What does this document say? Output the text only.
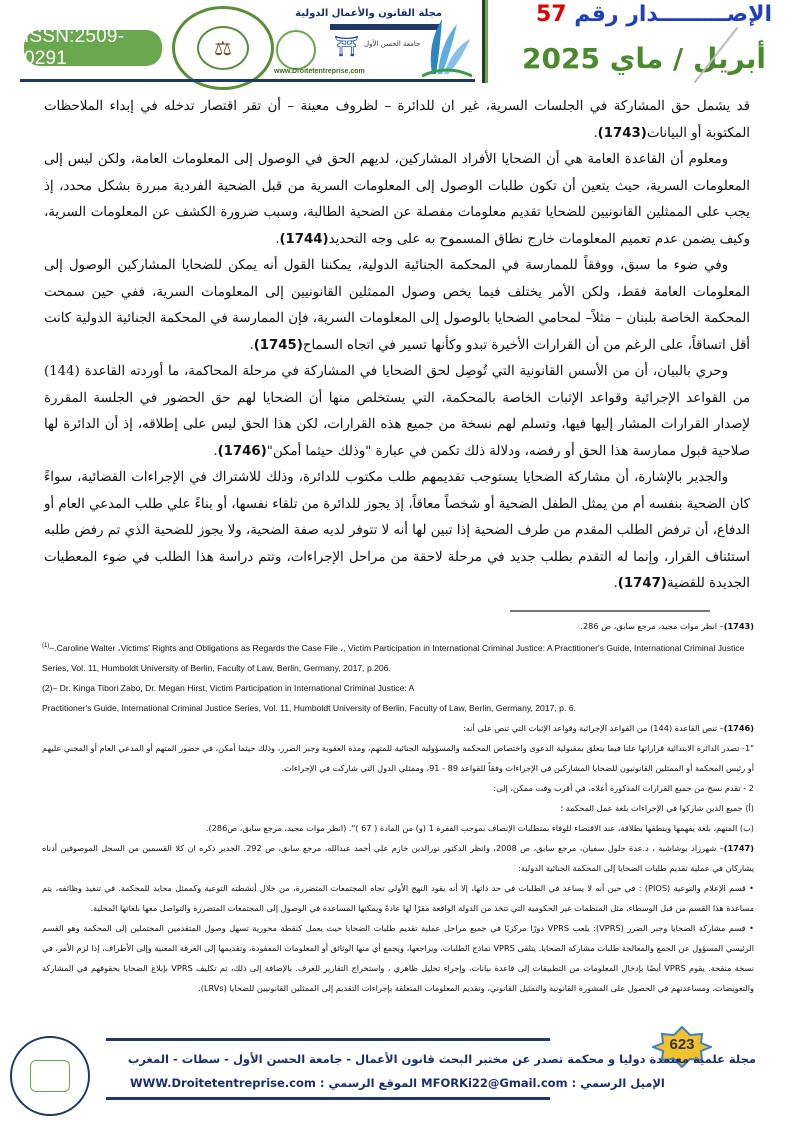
ISSN:2509-0291	⚖
مجلة القانون والأعمال الدولية
⛩ جامعة الحسن الأول
www.Droitetentreprise.com
الإصـــــــــدار رقم 57
أبريل / ماي 2025

قد يشمل حق المشاركة في الجلسات السرية، غير ان للدائرة – لظروف معينة – أن تقر اقتصار تدخله في إبداء الملاحظات المكتوبة أو البيانات(1743).

ومعلوم أن القاعدة العامة هي أن الضحايا الأفراد المشاركين، لديهم الحق في الوصول إلى المعلومات العامة، ولكن ليس إلى المعلومات السرية، حيث يتعين أن تكون طلبات الوصول إلى المعلومات السرية من قبل الضحية الفردية مبررة بشكل محدد، إذ يجب على الممثلين القانونيين للضحايا تقديم معلومات مفصلة عن الضحية الطالبة، وسبب ضرورة الكشف عن المعلومات السرية، وكيف يضمن عدم تعميم المعلومات خارج نطاق المسموح به على وجه التحديد(1744).

وفي ضوء ما سبق، ووفقاً للممارسة في المحكمة الجنائية الدولية، يمكننا القول أنه يمكن للضحايا المشاركين الوصول إلى المعلومات العامة فقط، ولكن الأمر يختلف فيما يخص وصول الممثلين القانونيين إلى المعلومات السرية، ففي حين سمحت المحكمة الخاصة بلبنان – مثلاً– لمحامي الضحايا بالوصول إلى المعلومات السرية، فإن الممارسة في المحكمة الجنائية الدولية كانت أقل اتساقاً، على الرغم من أن القرارات الأخيرة تبدو وكأنها تسير في اتجاه السماح(1745).

وحري بالبيان، أن من الأسس القانونية التي تُوصِل لحق الضحايا في المشاركة في مرحلة المحاكمة، ما أوردته القاعدة (144) من القواعد الإجرائية وقواعد الإثبات الخاصة بالمحكمة، التي يستخلص منها أن الضحايا لهم حق الحضور في الجلسة المقررة لإصدار القرارات المشار إليها فيها، وتسلم لهم نسخة من جميع هذه القرارات، لكن هذا الحق ليس على إطلاقه، إذ أن الدائرة لها صلاحية قبول ممارسة هذا الحق أو رفضه، ودلالة ذلك تكمن في عبارة "وذلك حيثما أمكن"(1746).

والجدير بالإشارة، أن مشاركة الضحايا يستوجب تقديمهم طلب مكتوب للدائرة، وذلك للاشتراك في الإجراءات القضائية، سواءً كان الضحية بنفسه أم من يمثل الطفل الضحية أو شخصاً معاقاً، إذ يجوز للدائرة من تلقاء نفسها، أو بناءً علي طلب المدعي العام أو الدفاع، أن ترفض الطلب المقدم من طرف الضحية إذا تبين لها أنه لا تتوفر لديه صفة الضحية، ولا يجوز للضحية الذي تم رفض طلبه استئناف القرار، وإنما له التقدم بطلب جديد في مرحلة لاحقة من مراحل الإجراءات، وتتم دراسة هذا الطلب في ضوء المعطيات الجديدة للقضية(1747).

(1743)– انظر موات مجيد، مرجع سابق، ص 286.

$^{(1)}$–.Caroline Walter ،Victims' Rights and Obligations as Regards the Case File ،, Victim Participation in International Criminal Justice: A Practitioner's Guide, International Criminal Justice Series, Vol. 11, Humboldt University of Berlin, Faculty of Law, Berlin, Germany, 2017, p.206.

(2)– Dr. Kinga Tibori Zabo, Dr. Megan Hirst, Victim Participation in International Criminal Justice: A

Practitioner's Guide, International Criminal Justice Series, Vol. 11, Humboldt University of Berlin, Faculty of Law, Berlin, Germany, 2017, p. 6.

(1746)– تنص القاعدة (144) من القواعد الإجرائية وقواعد الإثبات التي تنص على أنه:

"1- تصدر الدائرة الابتدائية قراراتها علنا فيما يتعلق بمقبولية الدعوى واختصاص المحكمة والمسؤولية الجنائية للمتهم، ومدة العقوبة وجبر الضرر، وذلك حيثما أمكن، في حضور المتهم أو المدعي العام أو المجني عليهم أو رئيس المحكمة أو الممثلين القانونيون للضحايا المشاركين في الإجراءات وفقاً للقواعد 89 - 91، وممثلي الدول التي شاركت في الإجراءات.

2 - تقدم نسخ من جميع القرارات المذكورة أعلاه، في أقرب وقت ممكن، إلى:

(أ) جميع الذين شاركوا في الإجراءات بلغة عمل المحكمة ؛

(ب) المتهم، بلغة يفهمها وينطقها بطلاقة، عند الاقتضاء للوفاء بمتطلبات الإنصاف بموجب الفقرة 1 (و) من المادة ( 67 )". (انظر موات مجيد، مرجع سابق، ص286).

(1747)– شهرزاد بوشاشية ، د.عدة جلول سفيان، مرجع سابق، ص 2008، وانظر الدكتور نورالدين خازم علي أحمد عبدالله، مرجع سابق، ص 292. الجدير ذكره ان كلا القسمين من السجل الموصوفين أدناه يشاركان في عملية تقديم طلبات الضحايا إلى المحكمة الجنائية الدولية:

• قسم الإعلام والتوعية (PIOS) : في حين أنه لا يساعد في الطلبات في حد ذاتها، إلا أنه يقود النهج الأولي تجاه المجتمعات المتضررة، من خلال أنشطته التوعية وكممثل محايد للمحكمة. في تنفيذ وظائفه، يتم مساعدة هذا القسم من قبل الوسطاء، مثل المنظمات غير الحكومية التي تتخذ من الدولة الواقعة مقرًا لها عادةً ويمكنها المساعدة في الوصول إلى المجتمعات المتضررة والتواصل معها بلغاتها المحلية.

• قسم مشاركة الضحايا وجبر الضرر (VPRS): يلعب VPRS دورًا مركزيًا في جميع مراحل عملية تقديم طلبات الضحايا حيث يعمل كنقطة محورية تسهل وصول المتقدمين المحتملين إلى المحكمة وهو القسم الرئيسي المسؤول عن الجمع والمعالجة طلبات مشاركة الضحايا. يتلقى VPRS نماذج الطلبات، ويراجعها، ويجمع أي منها الوثائق أو المعلومات المفقودة، وتقديمها إلى الغرفة المعنية وإلى الأطراف، إذا لزم الأمر، في نسخة منقحة. يقوم VPRS أيضًا بإدخال المعلومات من التطبيقات إلى قاعدة بيانات، وإجراء تحليل ظاهري ، واستخراج التقارير للغرف. بالإضافة إلى ذلك، تم تكليف VPRS بإبلاغ الضحايا بحقوقهم في المشاركة والتعويضات، ومساعدتهم في الحصول على المشورة القانونية والتمثيل القانوني، وتقديم المعلومات المتعلقة بإجراءات التقديم إلى الممثلين القانونيين للضحايا (LRVs).

623
مجلة علمية معتمدة دوليا و محكمة تصدر عن مختبر البحث قانون الأعمال - جامعة الحسن الأول - سطات - المغرب
الإميل الرسمي : MFORKi22@Gmail.com الموقع الرسمي : WWW.Droitetentreprise.com
